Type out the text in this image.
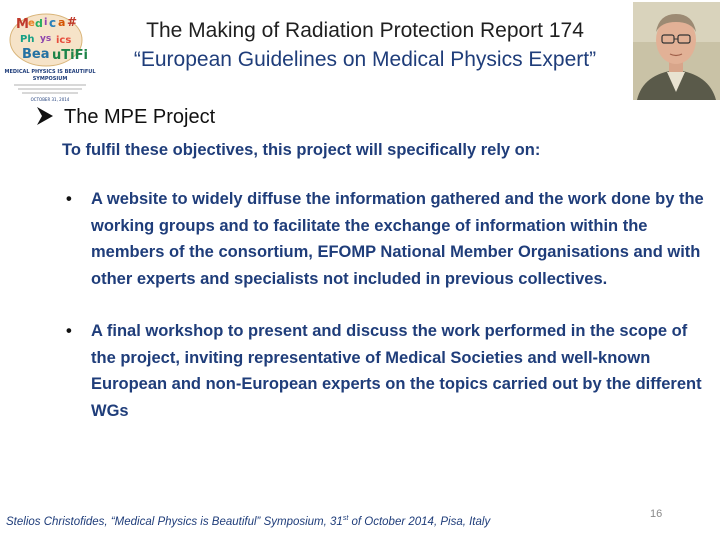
M e d i c a #
Ph ys ics
Bea uTiFi
MEDICAL PHYSICS IS BEAUTIFUL
SYMPOSIUM
OCTOBER 31, 2014
The Making of Radiation Protection Report 174
“European Guidelines on Medical Physics Expert”
The MPE Project
To fulfil these objectives, this project will specifically rely on:
• A website to widely diffuse the information gathered and the work done by the working groups and to facilitate the exchange of information within the members of the consortium, EFOMP National Member Organisations and with other experts and specialists not included in previous collectives.
• A final workshop to present and discuss the work performed in the scope of the project, inviting representative of Medical Societies and well-known European and non-European experts on the topics carried out by the different WGs
Stelios Christofides, “Medical Physics is Beautiful” Symposium, 31st of October 2014, Pisa, Italy
16
